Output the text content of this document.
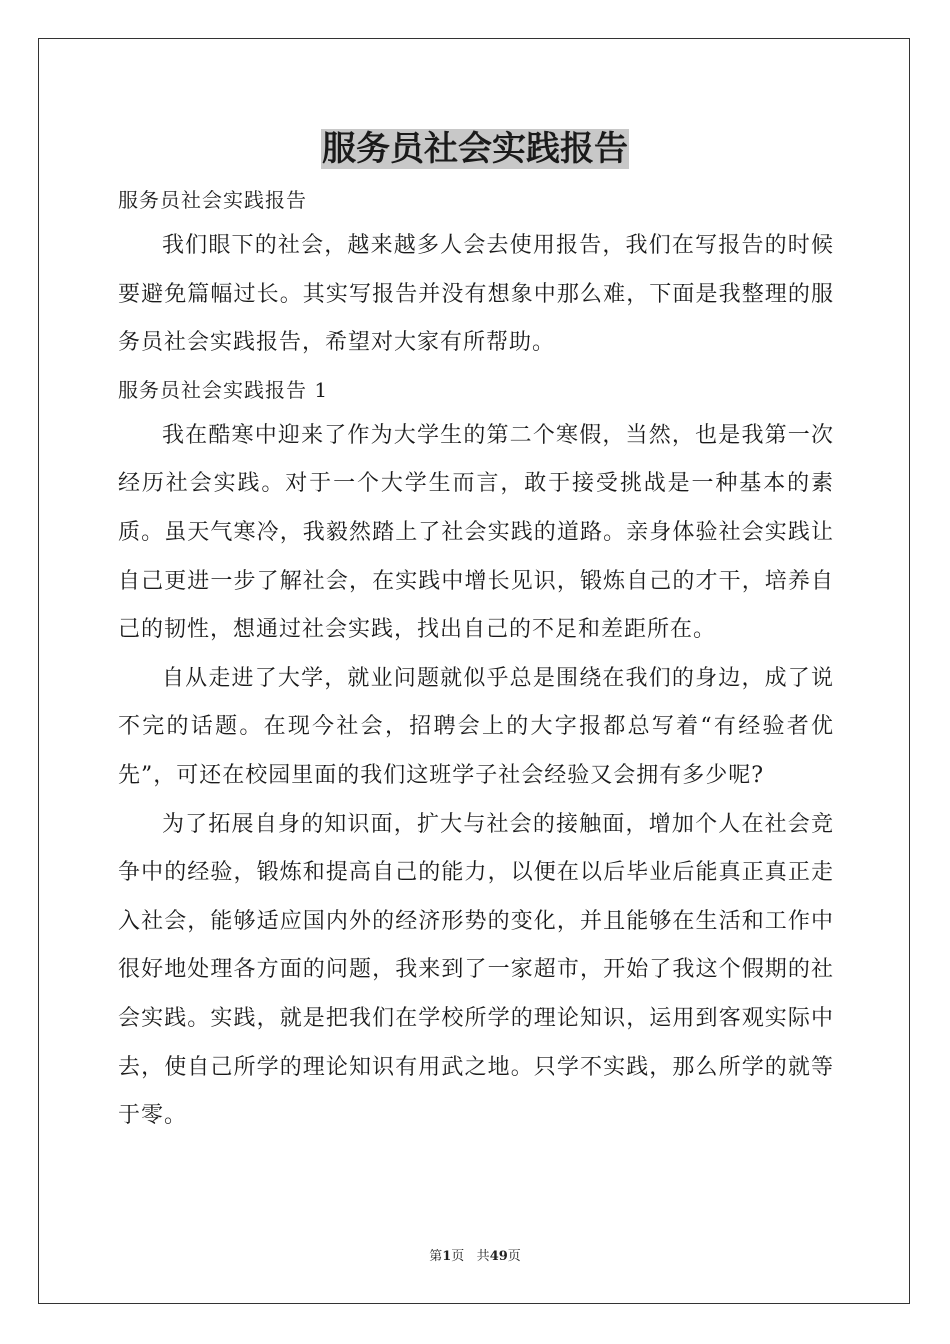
服务员社会实践报告

服务员社会实践报告

我们眼下的社会，越来越多人会去使用报告，我们在写报告的时候要避免篇幅过长。其实写报告并没有想象中那么难，下面是我整理的服务员社会实践报告，希望对大家有所帮助。

服务员社会实践报告 1

我在酷寒中迎来了作为大学生的第二个寒假，当然，也是我第一次经历社会实践。对于一个大学生而言，敢于接受挑战是一种基本的素质。虽天气寒冷，我毅然踏上了社会实践的道路。亲身体验社会实践让自己更进一步了解社会，在实践中增长见识，锻炼自己的才干，培养自己的韧性，想通过社会实践，找出自己的不足和差距所在。

自从走进了大学，就业问题就似乎总是围绕在我们的身边，成了说不完的话题。在现今社会，招聘会上的大字报都总写着“有经验者优先”，可还在校园里面的我们这班学子社会经验又会拥有多少呢?

为了拓展自身的知识面，扩大与社会的接触面，增加个人在社会竞争中的经验，锻炼和提高自己的能力，以便在以后毕业后能真正真正走入社会，能够适应国内外的经济形势的变化，并且能够在生活和工作中很好地处理各方面的问题，我来到了一家超市，开始了我这个假期的社会实践。实践，就是把我们在学校所学的理论知识，运用到客观实际中去，使自己所学的理论知识有用武之地。只学不实践，那么所学的就等于零。

第1页 共49页
